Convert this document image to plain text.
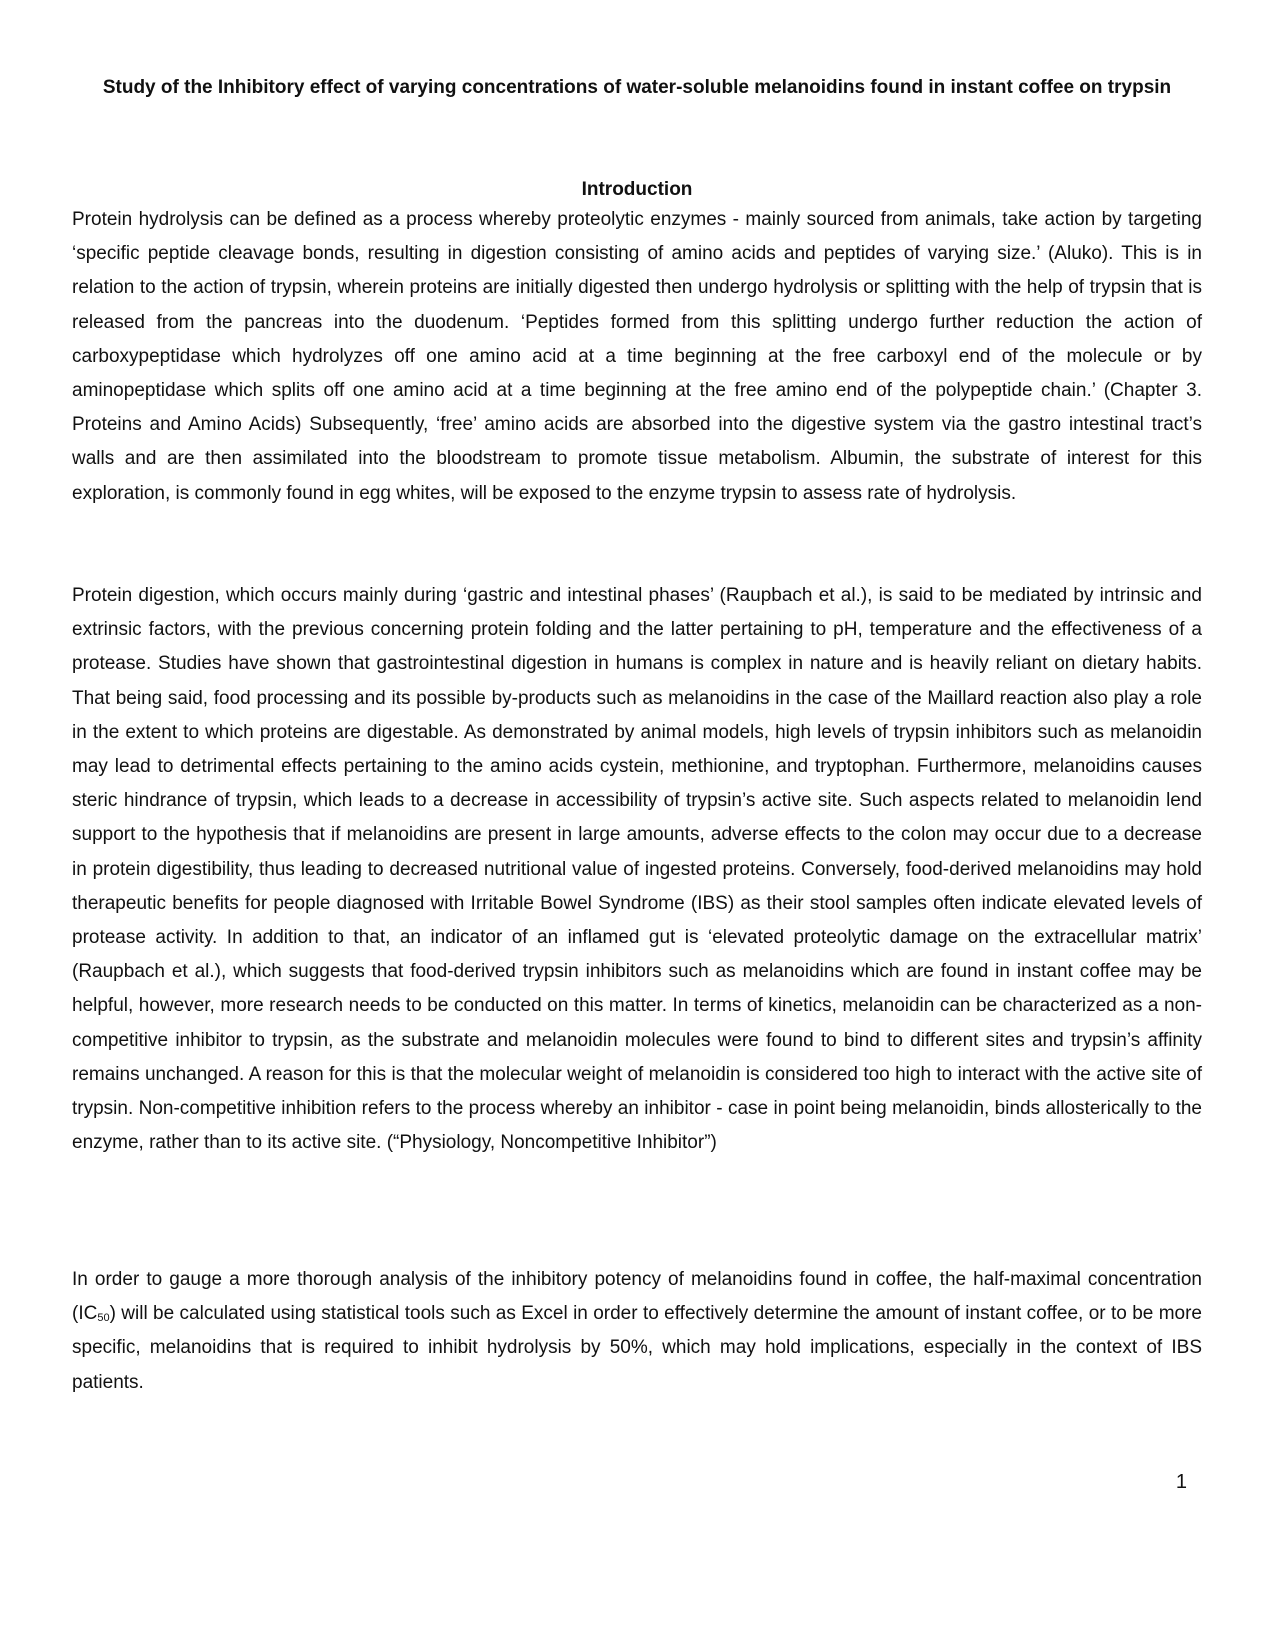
Study of the Inhibitory effect of varying concentrations of water-soluble melanoidins found in instant coffee on trypsin
Introduction

Protein hydrolysis can be defined as a process whereby proteolytic enzymes - mainly sourced from animals, take action by targeting ‘specific peptide cleavage bonds, resulting in digestion consisting of amino acids and peptides of varying size.’ (Aluko). This is in relation to the action of trypsin, wherein proteins are initially digested then undergo hydrolysis or splitting with the help of trypsin that is released from the pancreas into the duodenum. ‘Peptides formed from this splitting undergo further reduction the action of carboxypeptidase which hydrolyzes off one amino acid at a time beginning at the free carboxyl end of the molecule or by aminopeptidase which splits off one amino acid at a time beginning at the free amino end of the polypeptide chain.’ (Chapter 3. Proteins and Amino Acids) Subsequently, ‘free’ amino acids are absorbed into the digestive system via the gastro intestinal tract’s walls and are then assimilated into the bloodstream to promote tissue metabolism. Albumin, the substrate of interest for this exploration, is commonly found in egg whites, will be exposed to the enzyme trypsin to assess rate of hydrolysis.

Protein digestion, which occurs mainly during ‘gastric and intestinal phases’ (Raupbach et al.), is said to be mediated by intrinsic and extrinsic factors, with the previous concerning protein folding and the latter pertaining to pH, temperature and the effectiveness of a protease. Studies have shown that gastrointestinal digestion in humans is complex in nature and is heavily reliant on dietary habits. That being said, food processing and its possible by-products such as melanoidins in the case of the Maillard reaction also play a role in the extent to which proteins are digestable. As demonstrated by animal models, high levels of trypsin inhibitors such as melanoidin may lead to detrimental effects pertaining to the amino acids cystein, methionine, and tryptophan. Furthermore, melanoidins causes steric hindrance of trypsin, which leads to a decrease in accessibility of trypsin’s active site. Such aspects related to melanoidin lend support to the hypothesis that if melanoidins are present in large amounts, adverse effects to the colon may occur due to a decrease in protein digestibility, thus leading to decreased nutritional value of ingested proteins. Conversely, food-derived melanoidins may hold therapeutic benefits for people diagnosed with Irritable Bowel Syndrome (IBS) as their stool samples often indicate elevated levels of protease activity. In addition to that, an indicator of an inflamed gut is ‘elevated proteolytic damage on the extracellular matrix’ (Raupbach et al.), which suggests that food-derived trypsin inhibitors such as melanoidins which are found in instant coffee may be helpful, however, more research needs to be conducted on this matter. In terms of kinetics, melanoidin can be characterized as a non-competitive inhibitor to trypsin, as the substrate and melanoidin molecules were found to bind to different sites and trypsin’s affinity remains unchanged. A reason for this is that the molecular weight of melanoidin is considered too high to interact with the active site of trypsin. Non-competitive inhibition refers to the process whereby an inhibitor - case in point being melanoidin, binds allosterically to the enzyme, rather than to its active site. (“Physiology, Noncompetitive Inhibitor”)

In order to gauge a more thorough analysis of the inhibitory potency of melanoidins found in coffee, the half-maximal concentration $(IC_{50})$ will be calculated using statistical tools such as Excel in order to effectively determine the amount of instant coffee, or to be more specific, melanoidins that is required to inhibit hydrolysis by 50%, which may hold implications, especially in the context of IBS patients.

1
